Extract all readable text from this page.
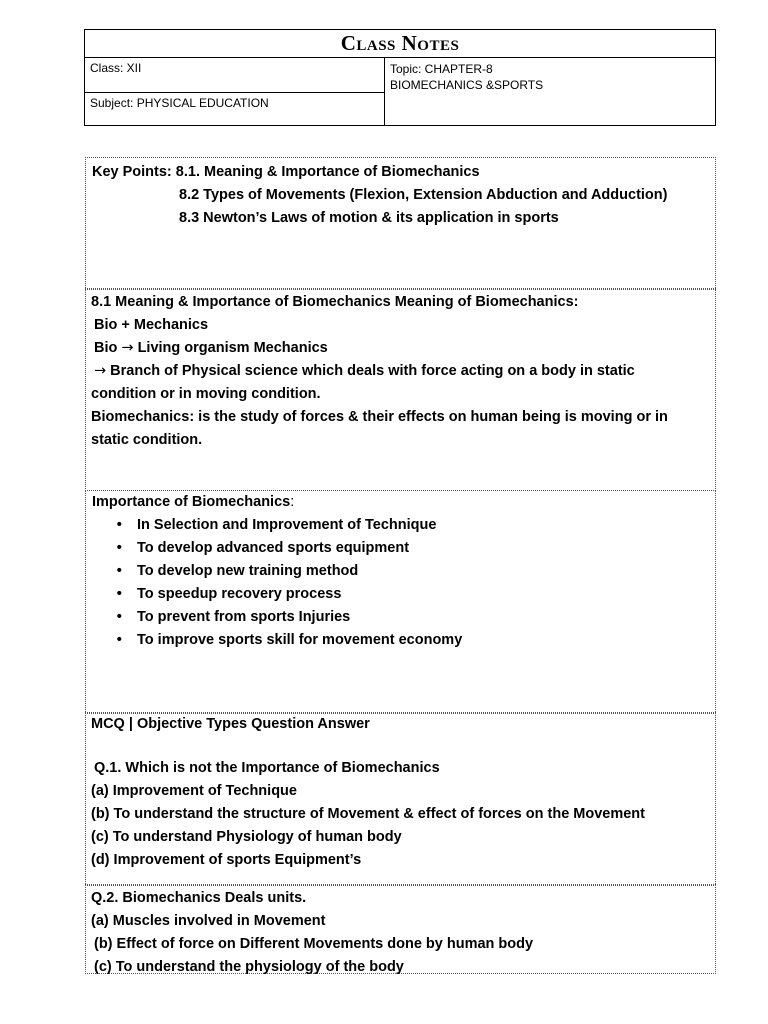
Class Notes
Class: XII
Subject: PHYSICAL EDUCATION
Topic: CHAPTER-8
BIOMECHANICS &SPORTS
Key Points: 8.1. Meaning & Importance of Biomechanics
8.2 Types of Movements (Flexion, Extension Abduction and Adduction)
8.3 Newton’s Laws of motion & its application in sports
8.1 Meaning & Importance of Biomechanics Meaning of Biomechanics:
Bio + Mechanics
Bio → Living organism Mechanics
→ Branch of Physical science which deals with force acting on a body in static
condition or in moving condition.
Biomechanics: is the study of forces & their effects on human being is moving or in
static condition.
Importance of Biomechanics:
• In Selection and Improvement of Technique
• To develop advanced sports equipment
• To develop new training method
• To speedup recovery process
• To prevent from sports Injuries
• To improve sports skill for movement economy
MCQ | Objective Types Question Answer
Q.1. Which is not the Importance of Biomechanics
(a) Improvement of Technique
(b) To understand the structure of Movement & effect of forces on the Movement
(c) To understand Physiology of human body
(d) Improvement of sports Equipment’s
Q.2. Biomechanics Deals units.
(a) Muscles involved in Movement
(b) Effect of force on Different Movements done by human body
(c) To understand the physiology of the body
